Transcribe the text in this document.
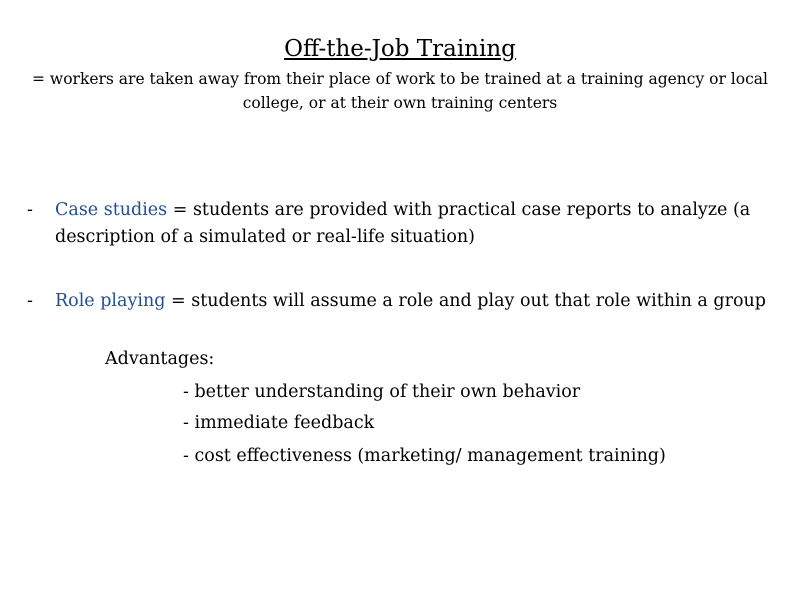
Off-the-Job Training
= workers are taken away from their place of work to be trained at a training agency or local college, or at their own training centers
- Case studies = students are provided with practical case reports to analyze (a description of a simulated or real-life situation)
- Role playing = students will assume a role and play out that role within a group
Advantages:
- better understanding of their own behavior
- immediate feedback
- cost effectiveness (marketing/ management training)
